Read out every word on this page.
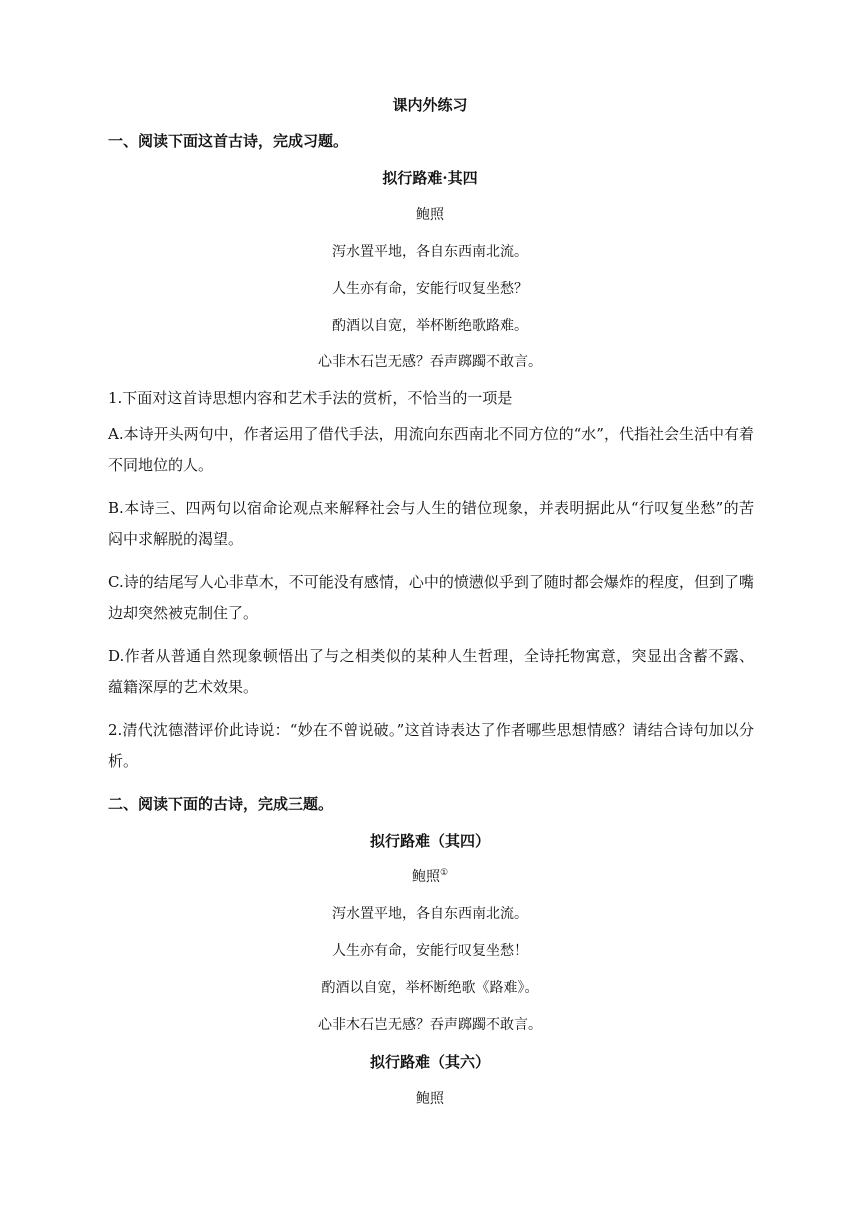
课内外练习
一、阅读下面这首古诗，完成习题。
拟行路难·其四
鲍照
泻水置平地，各自东西南北流。
人生亦有命，安能行叹复坐愁？
酌酒以自宽，举杯断绝歌路难。
心非木石岂无感？吞声踯躅不敢言。
1.下面对这首诗思想内容和艺术手法的赏析，不恰当的一项是
A.本诗开头两句中，作者运用了借代手法，用流向东西南北不同方位的“水”，代指社会生活中有着不同地位的人。
B.本诗三、四两句以宿命论观点来解释社会与人生的错位现象，并表明据此从“行叹复坐愁”的苦闷中求解脱的渴望。
C.诗的结尾写人心非草木，不可能没有感情，心中的愤懑似乎到了随时都会爆炸的程度，但到了嘴边却突然被克制住了。
D.作者从普通自然现象顿悟出了与之相类似的某种人生哲理，全诗托物寓意，突显出含蓄不露、蕴籍深厚的艺术效果。
2.清代沈德潜评价此诗说：“妙在不曾说破。”这首诗表达了作者哪些思想情感？请结合诗句加以分析。
二、阅读下面的古诗，完成三题。
拟行路难（其四）
鲍照①
泻水置平地，各自东西南北流。
人生亦有命，安能行叹复坐愁！
酌酒以自宽，举杯断绝歌《路难》。
心非木石岂无感？吞声踯躅不敢言。
拟行路难（其六）
鲍照
